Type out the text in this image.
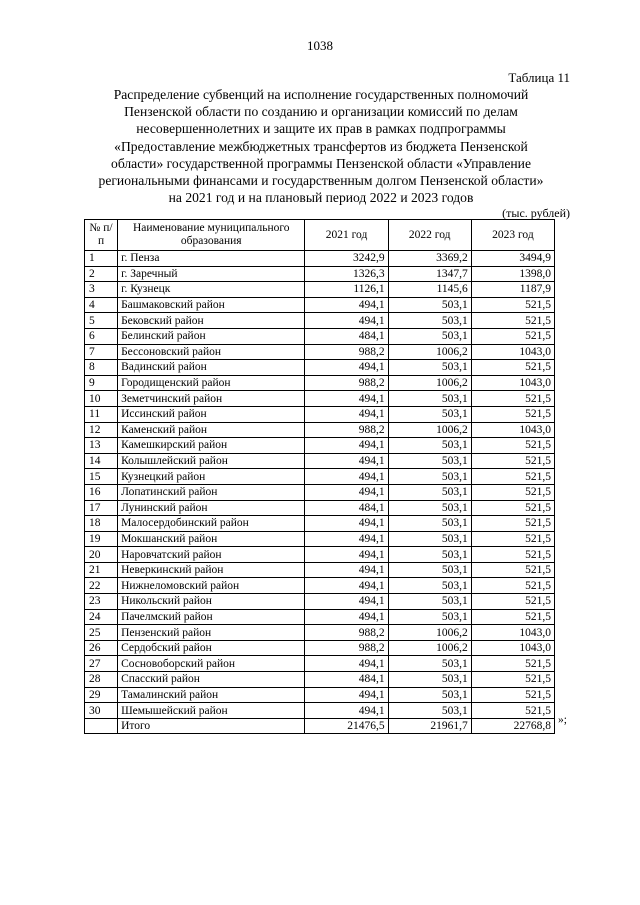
1038
Таблица 11
Распределение субвенций на исполнение государственных полномочий
Пензенской области по созданию и организации комиссий по делам
несовершеннолетних и защите их прав в рамках подпрограммы
«Предоставление межбюджетных трансфертов из бюджета Пензенской
области» государственной программы Пензенской области «Управление
региональными финансами и государственным долгом Пензенской области»
на 2021 год и на плановый период 2022 и 2023 годов
(тыс. рублей)
№ п/п	Наименование муниципального образования	2021 год	2022 год	2023 год
1	г. Пенза	3242,9	3369,2	3494,9
2	г. Заречный	1326,3	1347,7	1398,0
3	г. Кузнецк	1126,1	1145,6	1187,9
4	Башмаковский район	494,1	503,1	521,5
5	Бековский район	494,1	503,1	521,5
6	Белинский район	484,1	503,1	521,5
7	Бессоновский район	988,2	1006,2	1043,0
8	Вадинский район	494,1	503,1	521,5
9	Городищенский район	988,2	1006,2	1043,0
10	Земетчинский район	494,1	503,1	521,5
11	Иссинский район	494,1	503,1	521,5
12	Каменский район	988,2	1006,2	1043,0
13	Камешкирский район	494,1	503,1	521,5
14	Колышлейский район	494,1	503,1	521,5
15	Кузнецкий район	494,1	503,1	521,5
16	Лопатинский район	494,1	503,1	521,5
17	Лунинский район	484,1	503,1	521,5
18	Малосердобинский район	494,1	503,1	521,5
19	Мокшанский район	494,1	503,1	521,5
20	Наровчатский район	494,1	503,1	521,5
21	Неверкинский район	494,1	503,1	521,5
22	Нижнеломовский район	494,1	503,1	521,5
23	Никольский район	494,1	503,1	521,5
24	Пачелмский район	494,1	503,1	521,5
25	Пензенский район	988,2	1006,2	1043,0
26	Сердобский район	988,2	1006,2	1043,0
27	Сосновоборский район	494,1	503,1	521,5
28	Спасский район	484,1	503,1	521,5
29	Тамалинский район	494,1	503,1	521,5
30	Шемышейский район	494,1	503,1	521,5
	Итого	21476,5	21961,7	22768,8
»;
